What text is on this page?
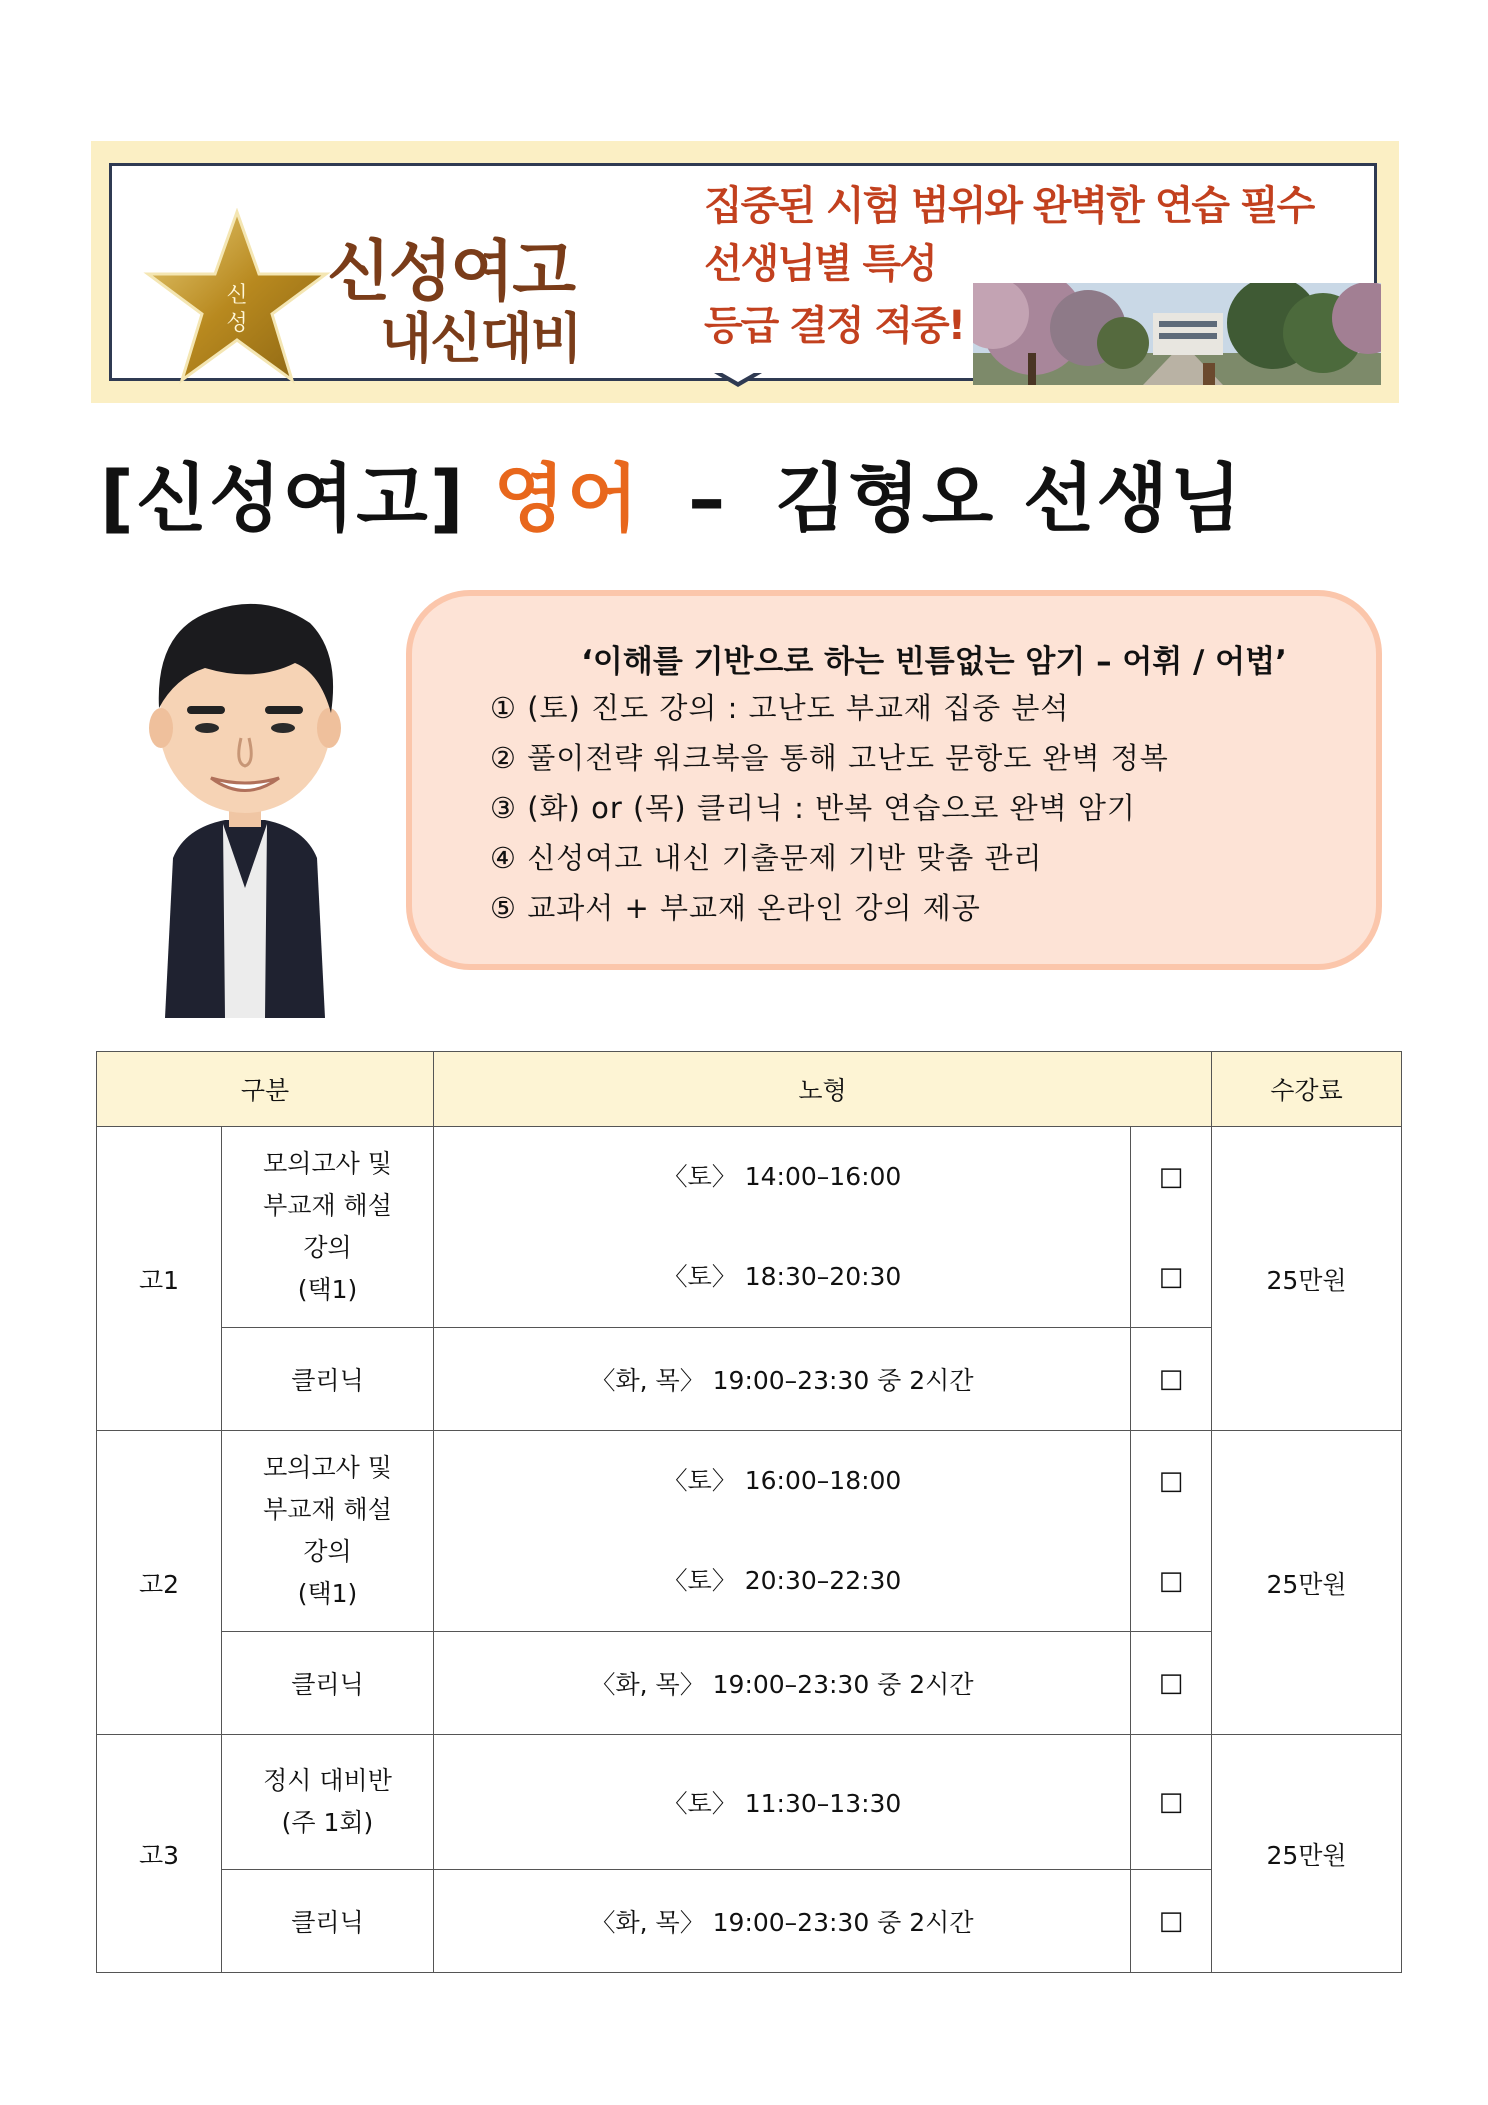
신
성
신성여고
내신대비
집중된 시험 범위와 완벽한 연습 필수
선생님별 특성
등급 결정 적중!
[신성여고] 영어 – 김형오 선생님
‘이해를 기반으로 하는 빈틈없는 암기 – 어휘 / 어법’
① (토) 진도 강의 : 고난도 부교재 집중 분석
② 풀이전략 워크북을 통해 고난도 문항도 완벽 정복
③ (화) or (목) 클리닉 : 반복 연습으로 완벽 암기
④ 신성여고 내신 기출문제 기반 맞춤 관리
⑤ 교과서 + 부교재 온라인 강의 제공
구분		노형		수강료
고1	모의고사 및
부교재 해설
강의
(택1)	〈토〉 14:00–16:00	□	25만원
		〈토〉 18:30–20:30	□	
	클리닉	〈화, 목〉 19:00–23:30 중 2시간	□	
고2	모의고사 및
부교재 해설
강의
(택1)	〈토〉 16:00–18:00	□	25만원
		〈토〉 20:30–22:30	□	
	클리닉	〈화, 목〉 19:00–23:30 중 2시간	□	
고3	정시 대비반
(주 1회)	〈토〉 11:30–13:30	□	25만원
	클리닉	〈화, 목〉 19:00–23:30 중 2시간	□	
